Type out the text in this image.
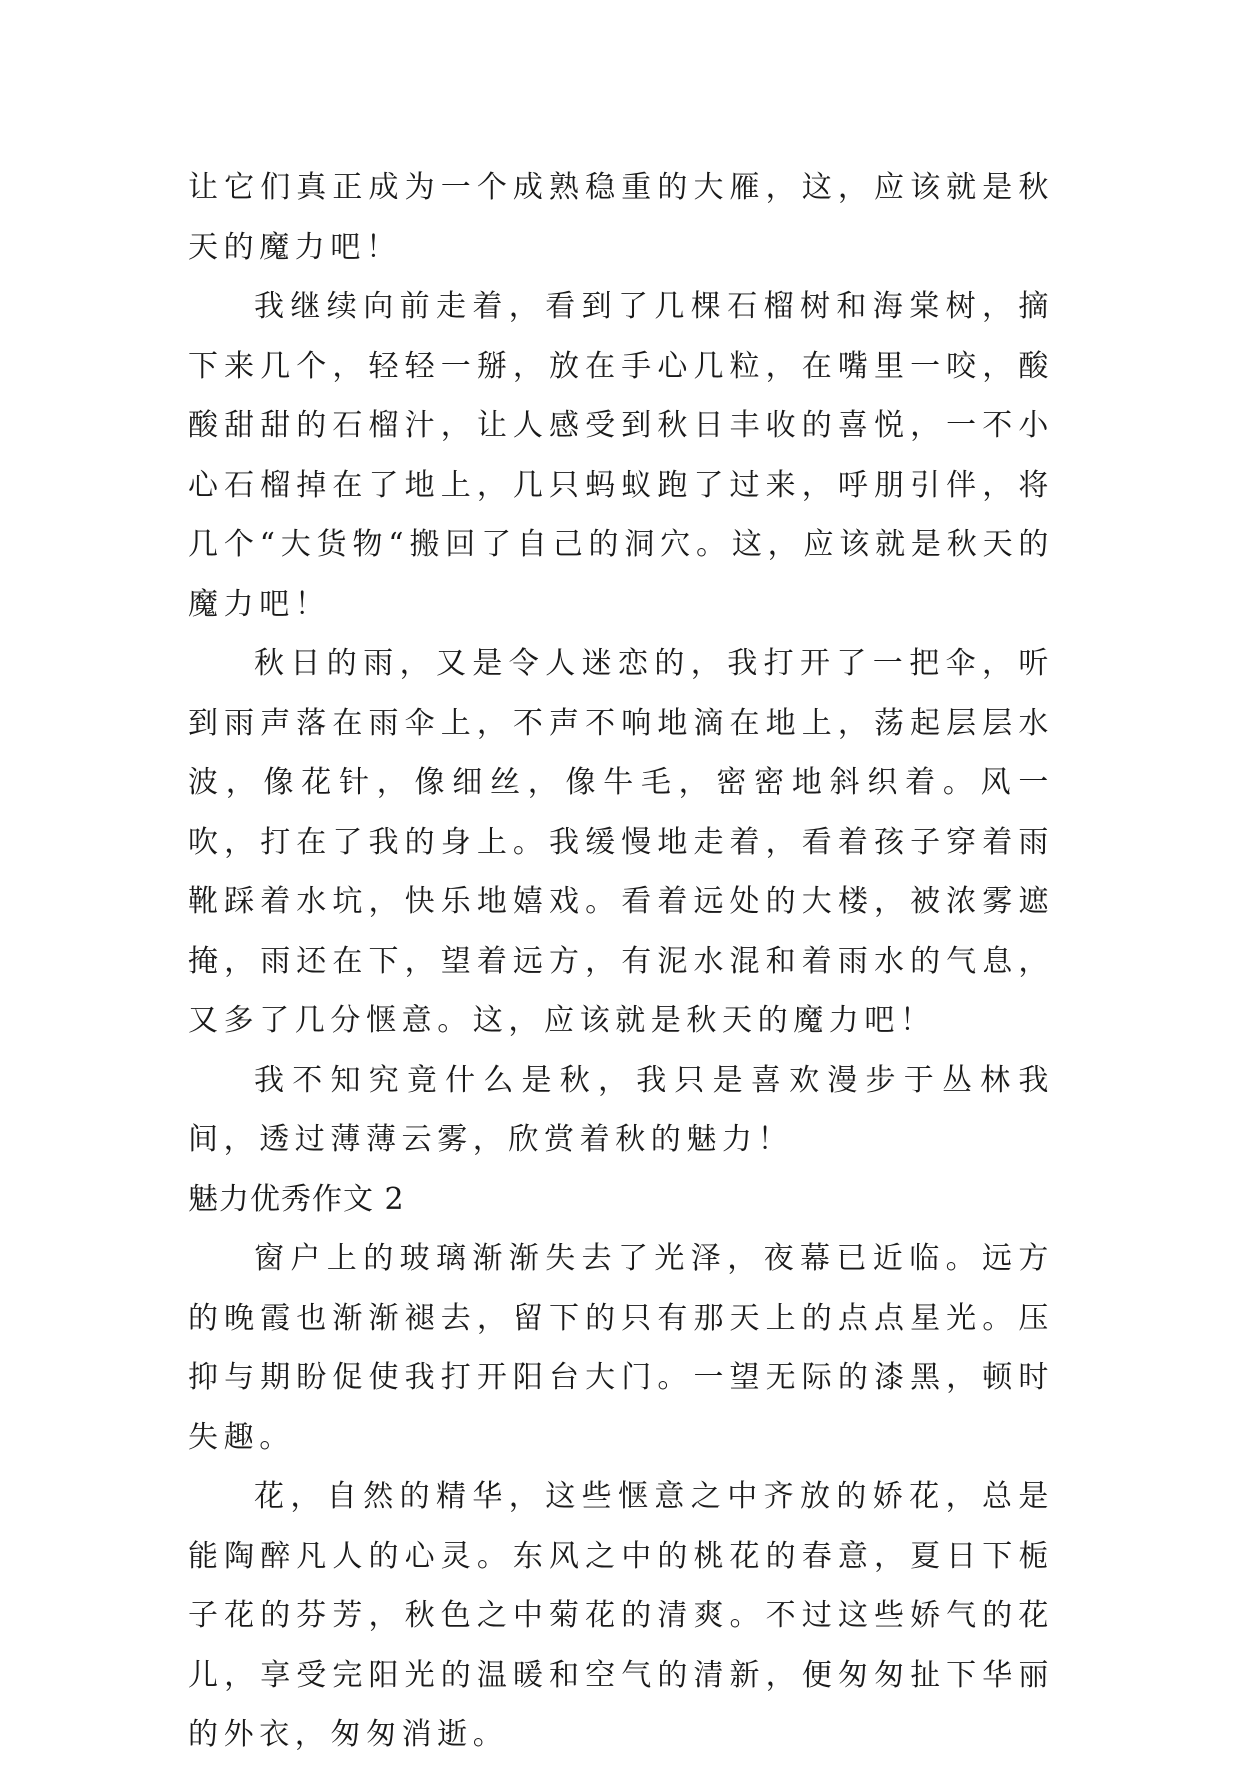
让它们真正成为一个成熟稳重的大雁，这，应该就是秋天的魔力吧！

我继续向前走着，看到了几棵石榴树和海棠树，摘下来几个，轻轻一掰，放在手心几粒，在嘴里一咬，酸酸甜甜的石榴汁，让人感受到秋日丰收的喜悦，一不小心石榴掉在了地上，几只蚂蚁跑了过来，呼朋引伴，将几个“大货物“搬回了自己的洞穴。这，应该就是秋天的魔力吧！

秋日的雨，又是令人迷恋的，我打开了一把伞，听到雨声落在雨伞上，不声不响地滴在地上，荡起层层水波，像花针，像细丝，像牛毛，密密地斜织着。风一吹，打在了我的身上。我缓慢地走着，看着孩子穿着雨靴踩着水坑，快乐地嬉戏。看着远处的大楼，被浓雾遮掩，雨还在下，望着远方，有泥水混和着雨水的气息，又多了几分惬意。这，应该就是秋天的魔力吧！

我不知究竟什么是秋，我只是喜欢漫步于丛林我间，透过薄薄云雾，欣赏着秋的魅力！

魅力优秀作文 2

窗户上的玻璃渐渐失去了光泽，夜幕已近临。远方的晚霞也渐渐褪去，留下的只有那天上的点点星光。压抑与期盼促使我打开阳台大门。一望无际的漆黑，顿时失趣。

花，自然的精华，这些惬意之中齐放的娇花，总是能陶醉凡人的心灵。东风之中的桃花的春意，夏日下栀子花的芬芳，秋色之中菊花的清爽。不过这些娇气的花儿，享受完阳光的温暖和空气的清新，便匆匆扯下华丽的外衣，匆匆消逝。
